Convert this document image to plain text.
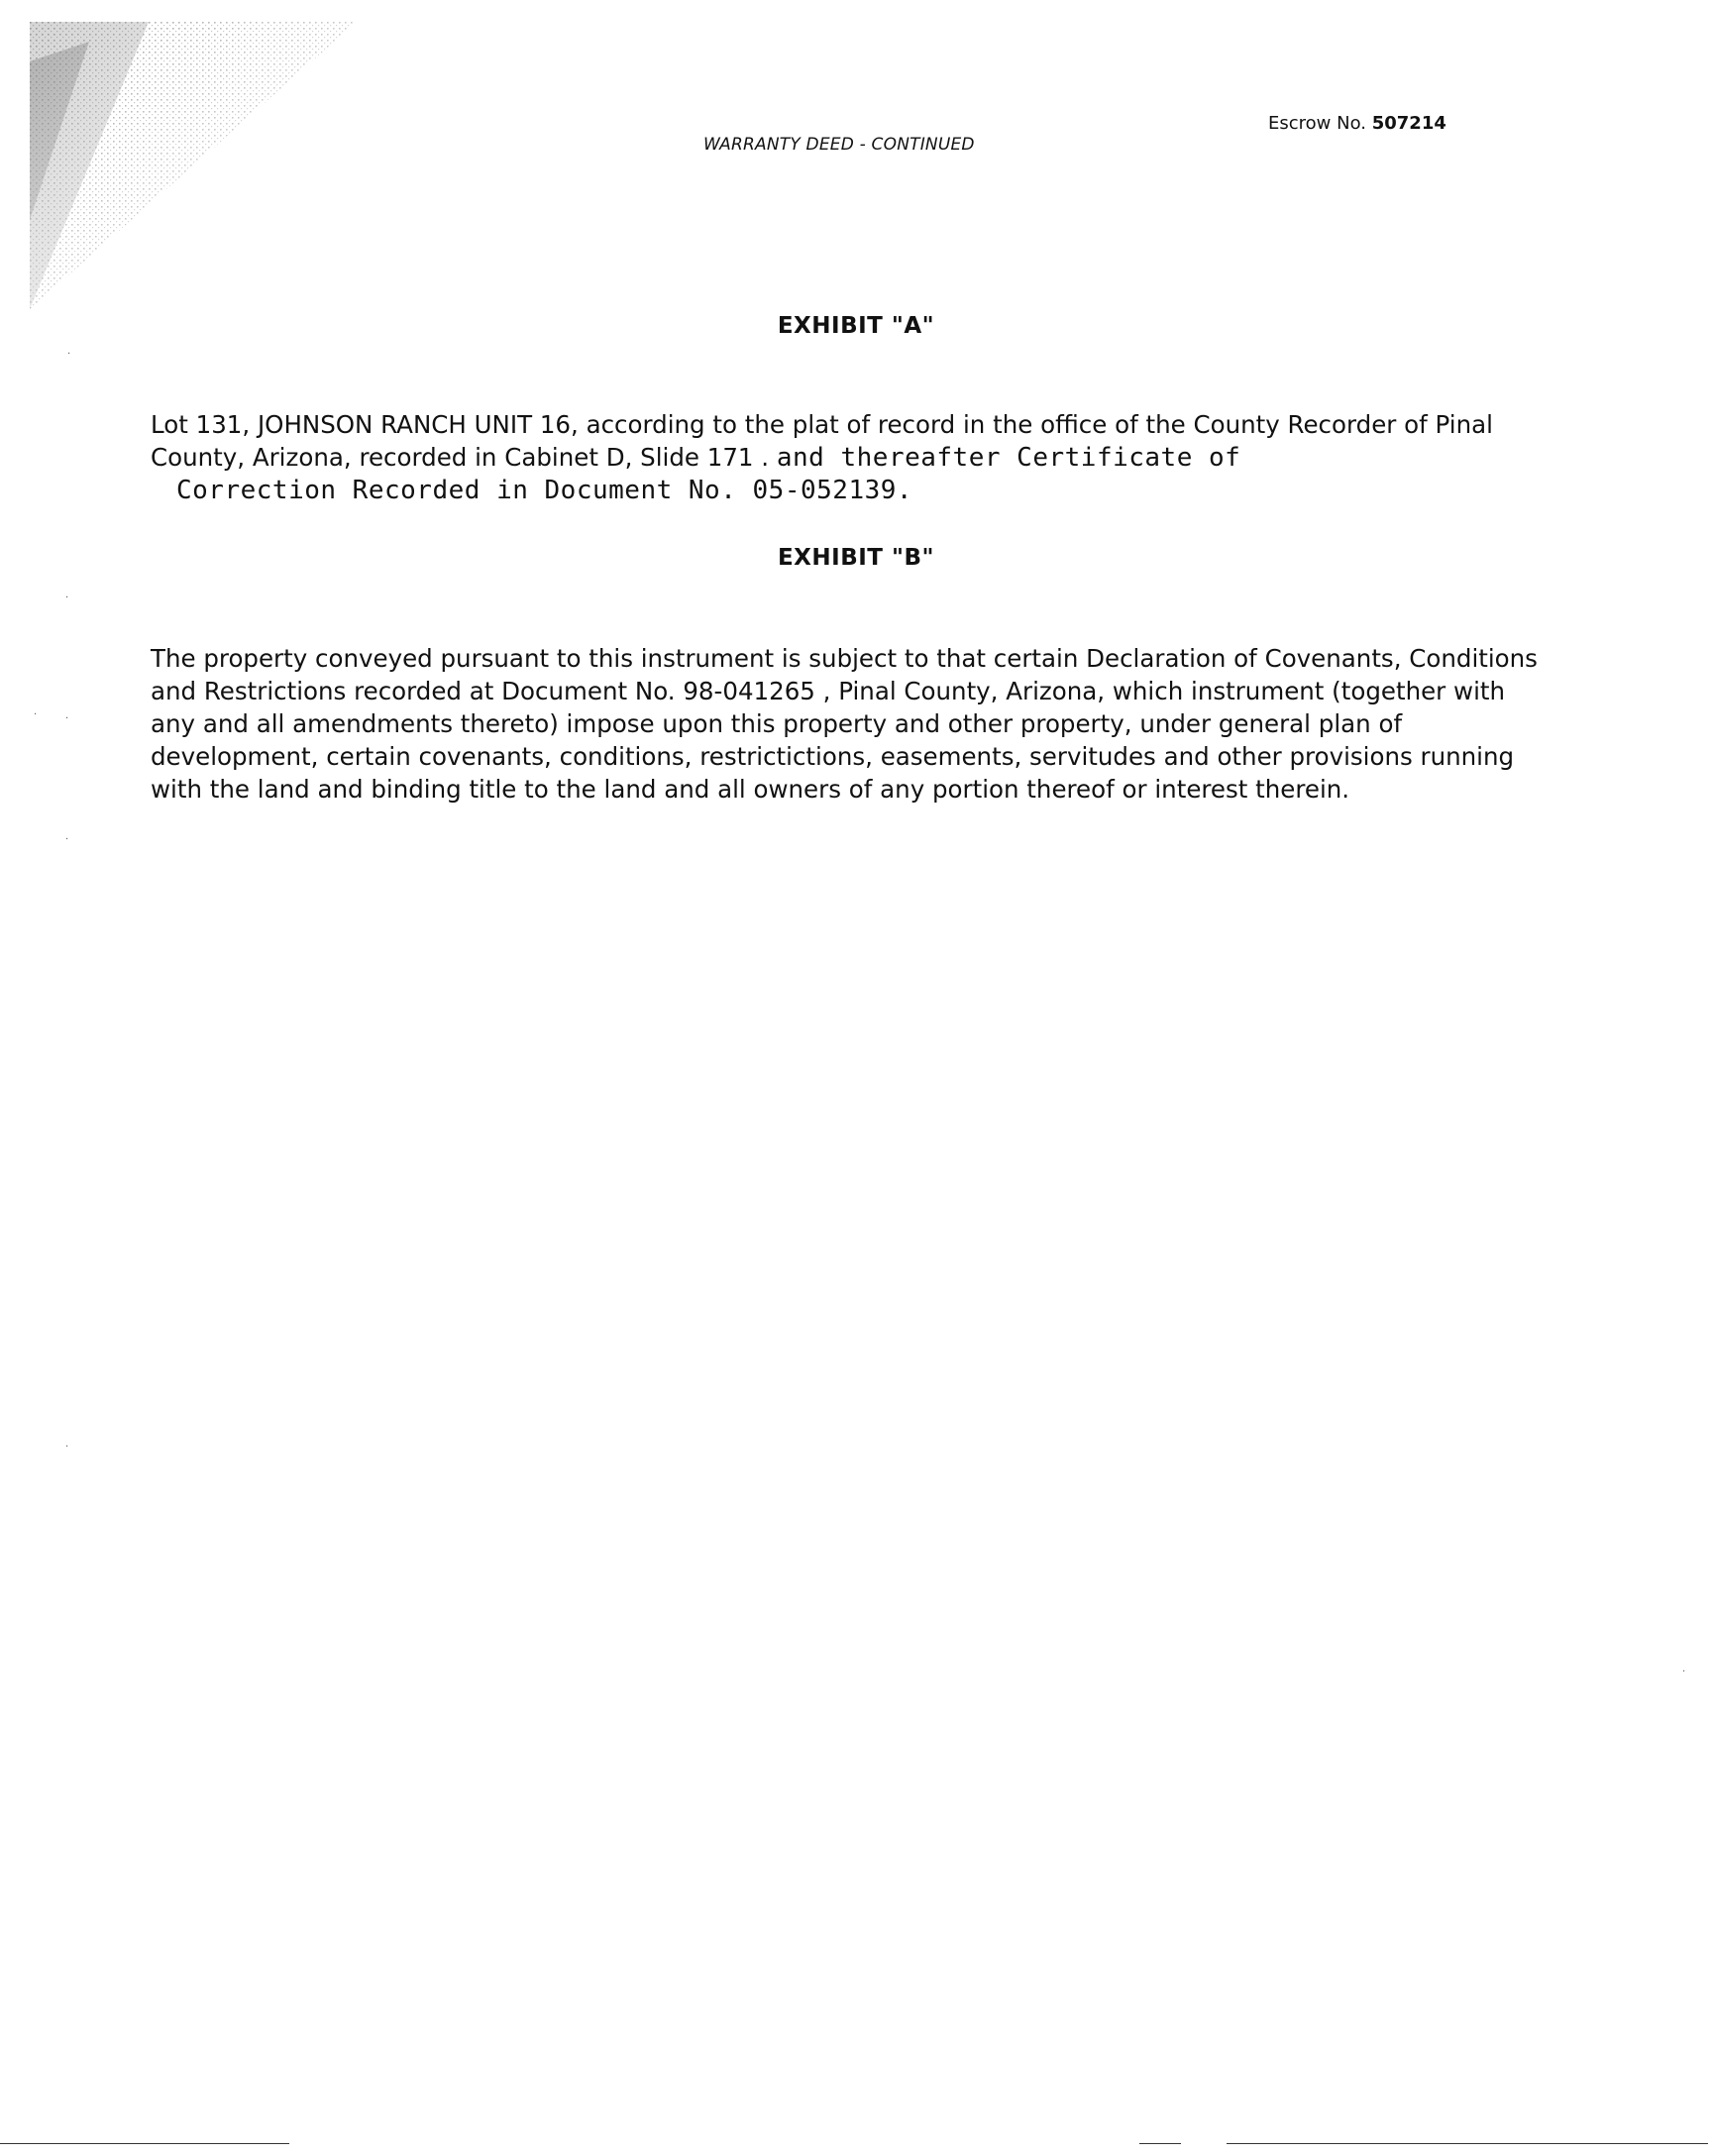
WARRANTY DEED - CONTINUED
Escrow No. 507214
EXHIBIT "A"
Lot 131, JOHNSON RANCH UNIT 16, according to the plat of record in the office of the County Recorder of Pinal
County, Arizona, recorded in Cabinet D, Slide 171 . and thereafter Certificate of
Correction Recorded in Document No. 05-052139.
EXHIBIT "B"
The property conveyed pursuant to this instrument is subject to that certain Declaration of Covenants, Conditions
and Restrictions recorded at Document No. 98-041265 , Pinal County, Arizona, which instrument (together with
any and all amendments thereto) impose upon this property and other property, under general plan of
development, certain covenants, conditions, restrictictions, easements, servitudes and other provisions running
with the land and binding title to the land and all owners of any portion thereof or interest therein.
·
·
·	·
·
·
·
